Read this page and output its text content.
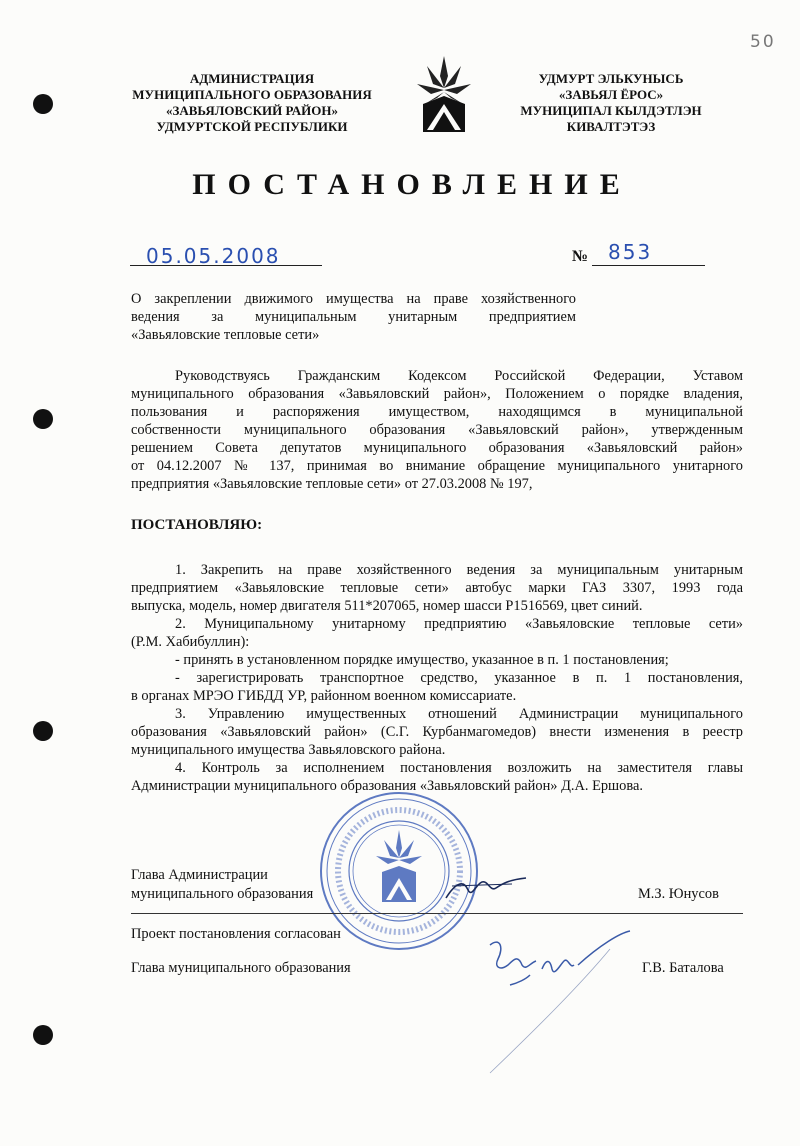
50
АДМИНИСТРАЦИЯ
МУНИЦИПАЛЬНОГО ОБРАЗОВАНИЯ
«ЗАВЬЯЛОВСКИЙ РАЙОН»
УДМУРТСКОЙ РЕСПУБЛИКИ
УДМУРТ ЭЛЬКУНЫСЬ
«ЗАВЬЯЛ ЁРОС»
МУНИЦИПАЛ КЫЛДЭТЛЭН
КИВАЛТЭТЭЗ
ПОСТАНОВЛЕНИЕ
05.05.2008	№ 853
О закреплении движимого имущества на праве хозяйственного
ведения за муниципальным унитарным предприятием
«Завьяловские тепловые сети»
Руководствуясь Гражданским Кодексом Российской Федерации, Уставом
муниципального образования «Завьяловский район», Положением о порядке владения,
пользования и распоряжения имуществом, находящимся в муниципальной
собственности муниципального образования «Завьяловский район», утвержденным
решением Совета депутатов муниципального образования «Завьяловский район»
от 04.12.2007 № 137, принимая во внимание обращение муниципального унитарного
предприятия «Завьяловские тепловые сети» от 27.03.2008 № 197,
ПОСТАНОВЛЯЮ:
1. Закрепить на праве хозяйственного ведения за муниципальным унитарным
предприятием «Завьяловские тепловые сети» автобус марки ГАЗ 3307, 1993 года
выпуска, модель, номер двигателя 511*207065, номер шасси Р1516569, цвет синий.
2. Муниципальному унитарному предприятию «Завьяловские тепловые сети»
(Р.М. Хабибуллин):
- принять в установленном порядке имущество, указанное в п. 1 постановления;
- зарегистрировать транспортное средство, указанное в п. 1 постановления,
в органах МРЭО ГИБДД УР, районном военном комиссариате.
3. Управлению имущественных отношений Администрации муниципального
образования «Завьяловский район» (С.Г. Курбанмагомедов) внести изменения в реестр
муниципального имущества Завьяловского района.
4. Контроль за исполнением постановления возложить на заместителя главы
Администрации муниципального образования «Завьяловский район» Д.А. Ершова.
Глава Администрации
муниципального образования	М.З. Юнусов
Проект постановления согласован
Глава муниципального образования	Г.В. Баталова
